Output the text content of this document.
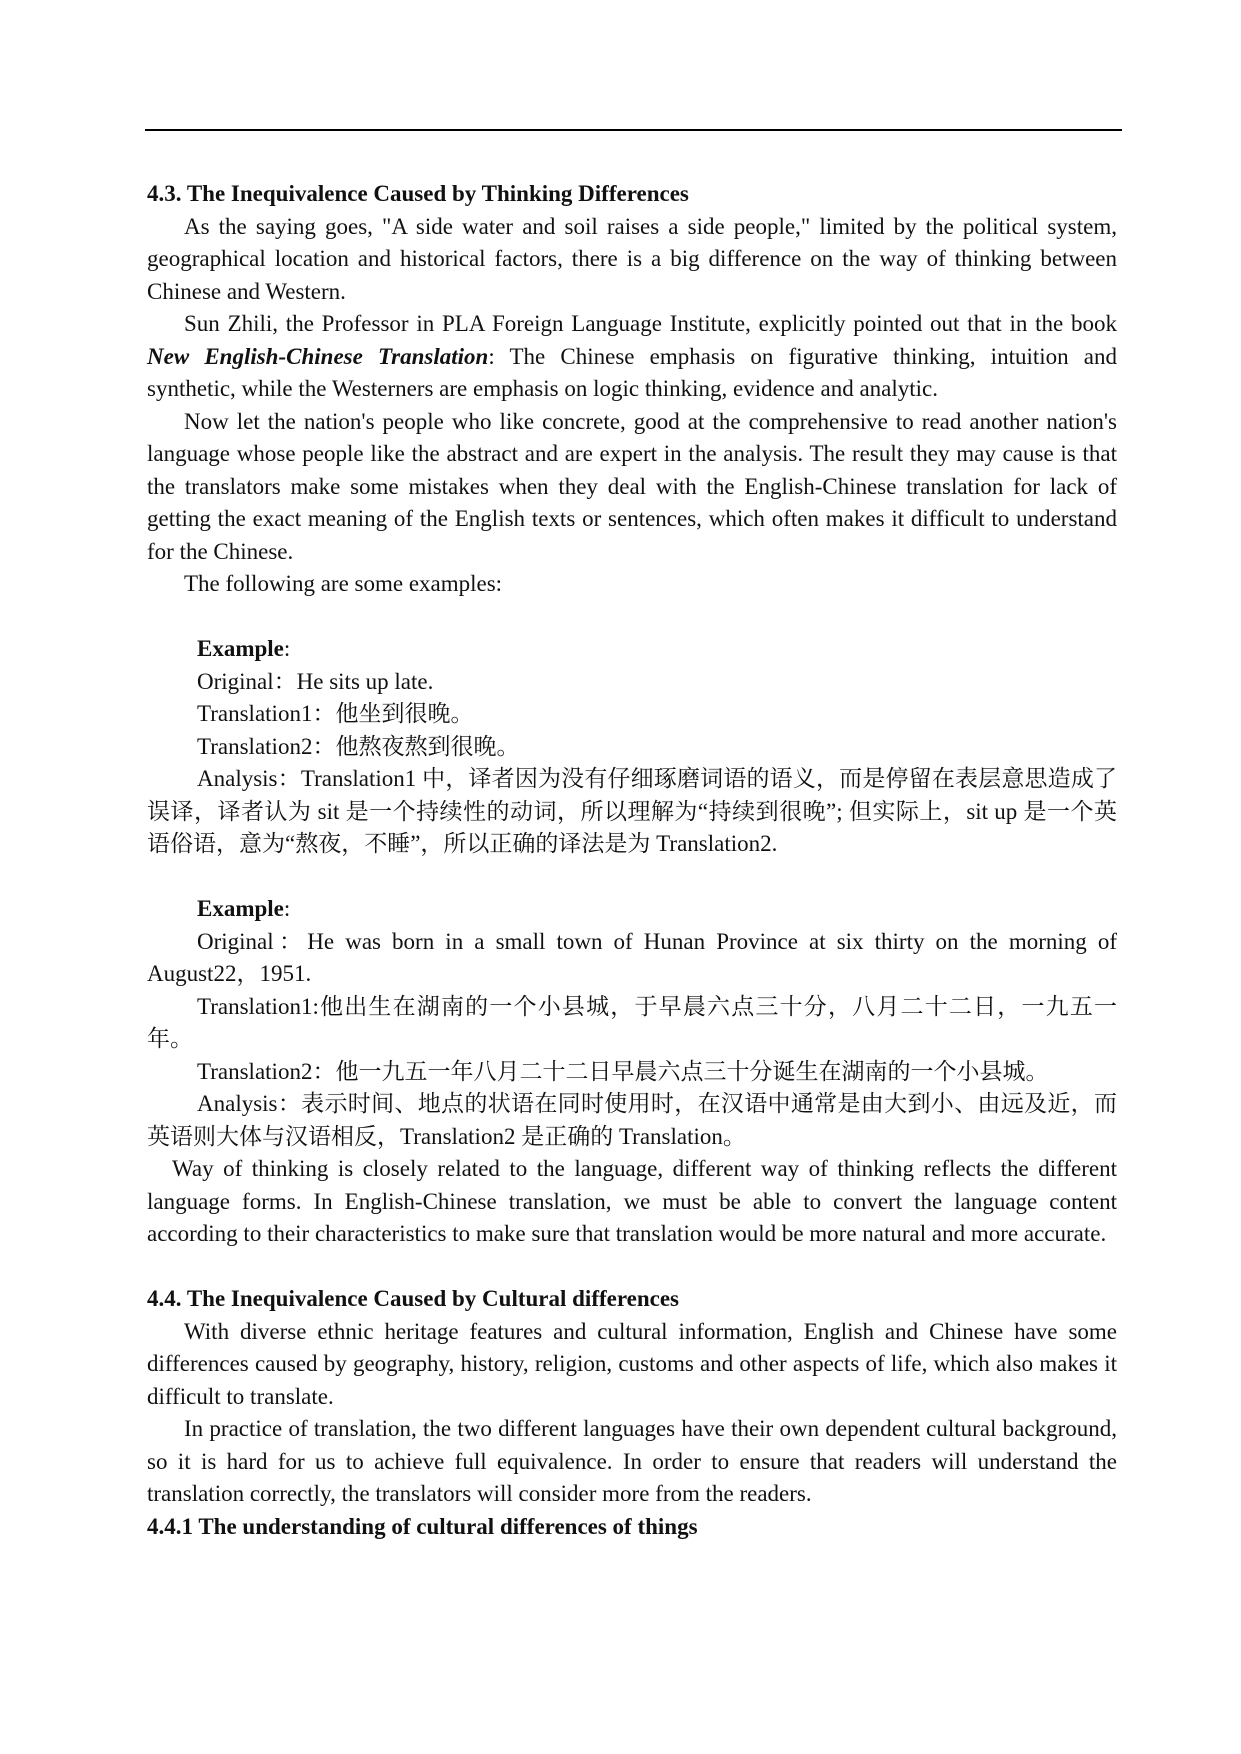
4.3. The Inequivalence Caused by Thinking Differences

As the saying goes, "A side water and soil raises a side people," limited by the political system, geographical location and historical factors, there is a big difference on the way of thinking between Chinese and Western.

Sun Zhili, the Professor in PLA Foreign Language Institute, explicitly pointed out that in the book New English-Chinese Translation: The Chinese emphasis on figurative thinking, intuition and synthetic, while the Westerners are emphasis on logic thinking, evidence and analytic.

Now let the nation's people who like concrete, good at the comprehensive to read another nation's language whose people like the abstract and are expert in the analysis. The result they may cause is that the translators make some mistakes when they deal with the English-Chinese translation for lack of getting the exact meaning of the English texts or sentences, which often makes it difficult to understand for the Chinese.

The following are some examples:

Example:

Original：He sits up late.

Translation1：他坐到很晚。

Translation2：他熬夜熬到很晚。

Analysis：Translation1 中，译者因为没有仔细琢磨词语的语义，而是停留在表层意思造成了误译，译者认为 sit 是一个持续性的动词，所以理解为“持续到很晚”; 但实际上，sit up 是一个英语俗语，意为“熬夜，不睡”，所以正确的译法是为 Translation2.

Example:

Original：He was born in a small town of Hunan Province at six thirty on the morning of August22，1951.

Translation1:他出生在湖南的一个小县城，于早晨六点三十分，八月二十二日，一九五一年。

Translation2：他一九五一年八月二十二日早晨六点三十分诞生在湖南的一个小县城。

Analysis：表示时间、地点的状语在同时使用时，在汉语中通常是由大到小、由远及近，而英语则大体与汉语相反，Translation2 是正确的 Translation。

Way of thinking is closely related to the language, different way of thinking reflects the different language forms. In English-Chinese translation, we must be able to convert the language content according to their characteristics to make sure that translation would be more natural and more accurate.

4.4. The Inequivalence Caused by Cultural differences

With diverse ethnic heritage features and cultural information, English and Chinese have some differences caused by geography, history, religion, customs and other aspects of life, which also makes it difficult to translate.

In practice of translation, the two different languages have their own dependent cultural background, so it is hard for us to achieve full equivalence. In order to ensure that readers will understand the translation correctly, the translators will consider more from the readers.

4.4.1 The understanding of cultural differences of things
